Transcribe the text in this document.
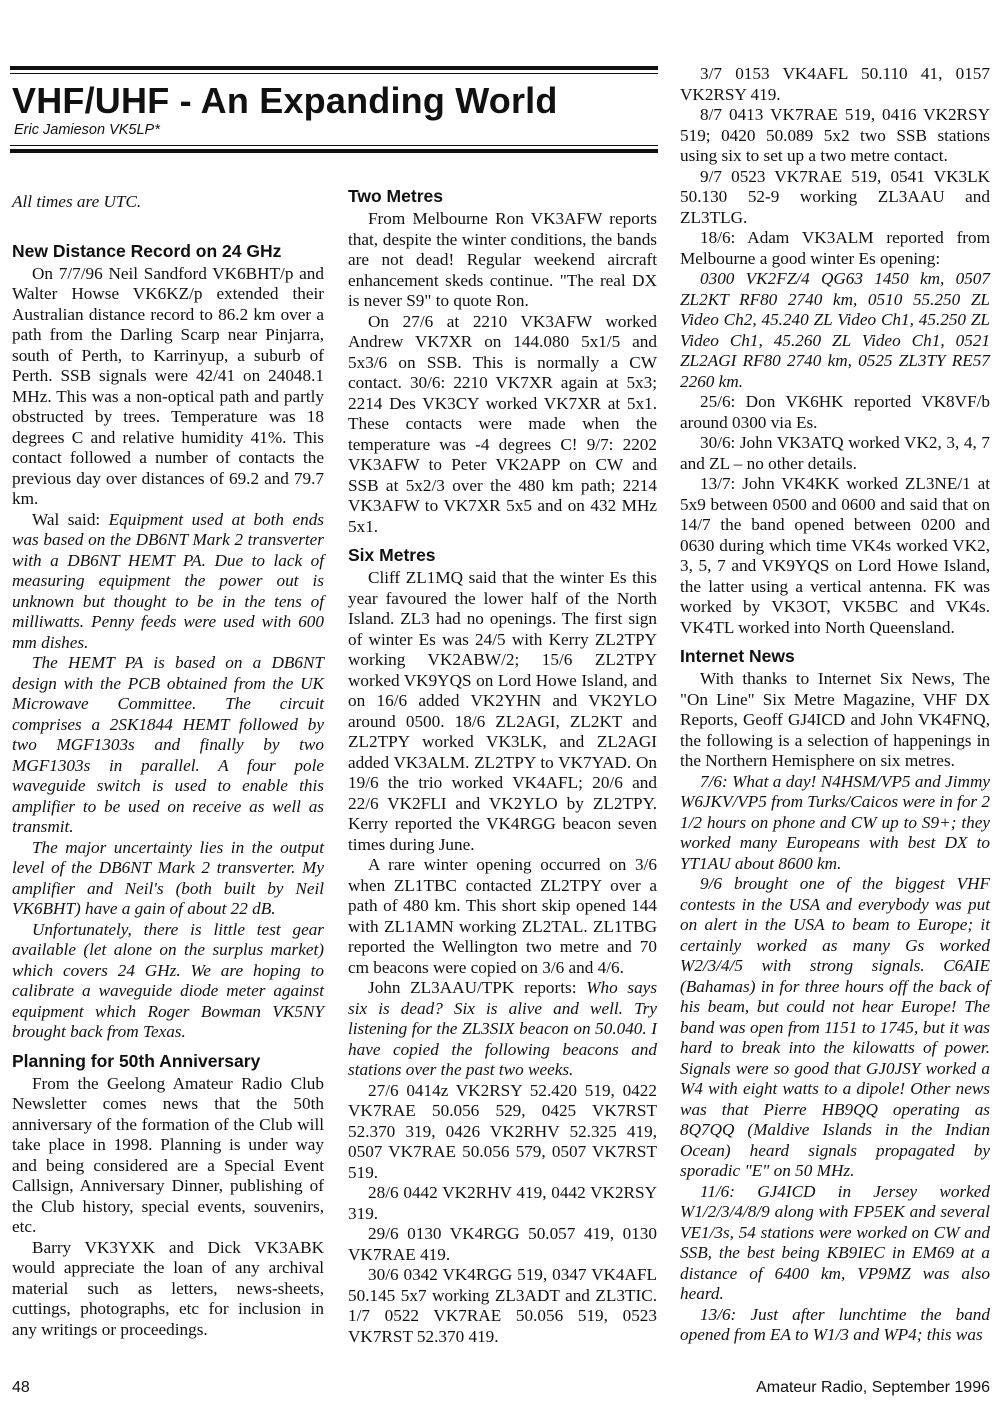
VHF/UHF - An Expanding World
Eric Jamieson VK5LP*

All times are UTC.

New Distance Record on 24 GHz

On 7/7/96 Neil Sandford VK6BHT/p and Walter Howse VK6KZ/p extended their Australian distance record to 86.2 km over a path from the Darling Scarp near Pinjarra, south of Perth, to Karrinyup, a suburb of Perth. SSB signals were 42/41 on 24048.1 MHz. This was a non-optical path and partly obstructed by trees. Temperature was 18 degrees C and relative humidity 41%. This contact followed a number of contacts the previous day over distances of 69.2 and 79.7 km.

Wal said: Equipment used at both ends was based on the DB6NT Mark 2 transverter with a DB6NT HEMT PA. Due to lack of measuring equipment the power out is unknown but thought to be in the tens of milliwatts. Penny feeds were used with 600 mm dishes.

The HEMT PA is based on a DB6NT design with the PCB obtained from the UK Microwave Committee. The circuit comprises a 2SK1844 HEMT followed by two MGF1303s and finally by two MGF1303s in parallel. A four pole waveguide switch is used to enable this amplifier to be used on receive as well as transmit.

The major uncertainty lies in the output level of the DB6NT Mark 2 transverter. My amplifier and Neil's (both built by Neil VK6BHT) have a gain of about 22 dB.

Unfortunately, there is little test gear available (let alone on the surplus market) which covers 24 GHz. We are hoping to calibrate a waveguide diode meter against equipment which Roger Bowman VK5NY brought back from Texas.

Planning for 50th Anniversary

From the Geelong Amateur Radio Club Newsletter comes news that the 50th anniversary of the formation of the Club will take place in 1998. Planning is under way and being considered are a Special Event Callsign, Anniversary Dinner, publishing of the Club history, special events, souvenirs, etc.

Barry VK3YXK and Dick VK3ABK would appreciate the loan of any archival material such as letters, news-sheets, cuttings, photographs, etc for inclusion in any writings or proceedings.

Two Metres

From Melbourne Ron VK3AFW reports that, despite the winter conditions, the bands are not dead! Regular weekend aircraft enhancement skeds continue. "The real DX is never S9" to quote Ron.

On 27/6 at 2210 VK3AFW worked Andrew VK7XR on 144.080 5x1/5 and 5x3/6 on SSB. This is normally a CW contact. 30/6: 2210 VK7XR again at 5x3; 2214 Des VK3CY worked VK7XR at 5x1. These contacts were made when the temperature was -4 degrees C! 9/7: 2202 VK3AFW to Peter VK2APP on CW and SSB at 5x2/3 over the 480 km path; 2214 VK3AFW to VK7XR 5x5 and on 432 MHz 5x1.

Six Metres

Cliff ZL1MQ said that the winter Es this year favoured the lower half of the North Island. ZL3 had no openings. The first sign of winter Es was 24/5 with Kerry ZL2TPY working VK2ABW/2; 15/6 ZL2TPY worked VK9YQS on Lord Howe Island, and on 16/6 added VK2YHN and VK2YLO around 0500. 18/6 ZL2AGI, ZL2KT and ZL2TPY worked VK3LK, and ZL2AGI added VK3ALM. ZL2TPY to VK7YAD. On 19/6 the trio worked VK4AFL; 20/6 and 22/6 VK2FLI and VK2YLO by ZL2TPY. Kerry reported the VK4RGG beacon seven times during June.

A rare winter opening occurred on 3/6 when ZL1TBC contacted ZL2TPY over a path of 480 km. This short skip opened 144 with ZL1AMN working ZL2TAL. ZL1TBG reported the Wellington two metre and 70 cm beacons were copied on 3/6 and 4/6.

John ZL3AAU/TPK reports: Who says six is dead? Six is alive and well. Try listening for the ZL3SIX beacon on 50.040. I have copied the following beacons and stations over the past two weeks.

27/6 0414z VK2RSY 52.420 519, 0422 VK7RAE 50.056 529, 0425 VK7RST 52.370 319, 0426 VK2RHV 52.325 419, 0507 VK7RAE 50.056 579, 0507 VK7RST 519.

28/6 0442 VK2RHV 419, 0442 VK2RSY 319.

29/6 0130 VK4RGG 50.057 419, 0130 VK7RAE 419.

30/6 0342 VK4RGG 519, 0347 VK4AFL 50.145 5x7 working ZL3ADT and ZL3TIC. 1/7 0522 VK7RAE 50.056 519, 0523 VK7RST 52.370 419.

3/7 0153 VK4AFL 50.110 41, 0157 VK2RSY 419.

8/7 0413 VK7RAE 519, 0416 VK2RSY 519; 0420 50.089 5x2 two SSB stations using six to set up a two metre contact.

9/7 0523 VK7RAE 519, 0541 VK3LK 50.130 52-9 working ZL3AAU and ZL3TLG.

18/6: Adam VK3ALM reported from Melbourne a good winter Es opening:

0300 VK2FZ/4 QG63 1450 km, 0507 ZL2KT RF80 2740 km, 0510 55.250 ZL Video Ch2, 45.240 ZL Video Ch1, 45.250 ZL Video Ch1, 45.260 ZL Video Ch1, 0521 ZL2AGI RF80 2740 km, 0525 ZL3TY RE57 2260 km.

25/6: Don VK6HK reported VK8VF/b around 0300 via Es.

30/6: John VK3ATQ worked VK2, 3, 4, 7 and ZL – no other details.

13/7: John VK4KK worked ZL3NE/1 at 5x9 between 0500 and 0600 and said that on 14/7 the band opened between 0200 and 0630 during which time VK4s worked VK2, 3, 5, 7 and VK9YQS on Lord Howe Island, the latter using a vertical antenna. FK was worked by VK3OT, VK5BC and VK4s. VK4TL worked into North Queensland.

Internet News

With thanks to Internet Six News, The "On Line" Six Metre Magazine, VHF DX Reports, Geoff GJ4ICD and John VK4FNQ, the following is a selection of happenings in the Northern Hemisphere on six metres.

7/6: What a day! N4HSM/VP5 and Jimmy W6JKV/VP5 from Turks/Caicos were in for 2 1/2 hours on phone and CW up to S9+; they worked many Europeans with best DX to YT1AU about 8600 km.

9/6 brought one of the biggest VHF contests in the USA and everybody was put on alert in the USA to beam to Europe; it certainly worked as many Gs worked W2/3/4/5 with strong signals. C6AIE (Bahamas) in for three hours off the back of his beam, but could not hear Europe! The band was open from 1151 to 1745, but it was hard to break into the kilowatts of power. Signals were so good that GJ0JSY worked a W4 with eight watts to a dipole! Other news was that Pierre HB9QQ operating as 8Q7QQ (Maldive Islands in the Indian Ocean) heard signals propagated by sporadic "E" on 50 MHz.

11/6: GJ4ICD in Jersey worked W1/2/3/4/8/9 along with FP5EK and several VE1/3s, 54 stations were worked on CW and SSB, the best being KB9IEC in EM69 at a distance of 6400 km, VP9MZ was also heard.

13/6: Just after lunchtime the band opened from EA to W1/3 and WP4; this was

48	Amateur Radio, September 1996
